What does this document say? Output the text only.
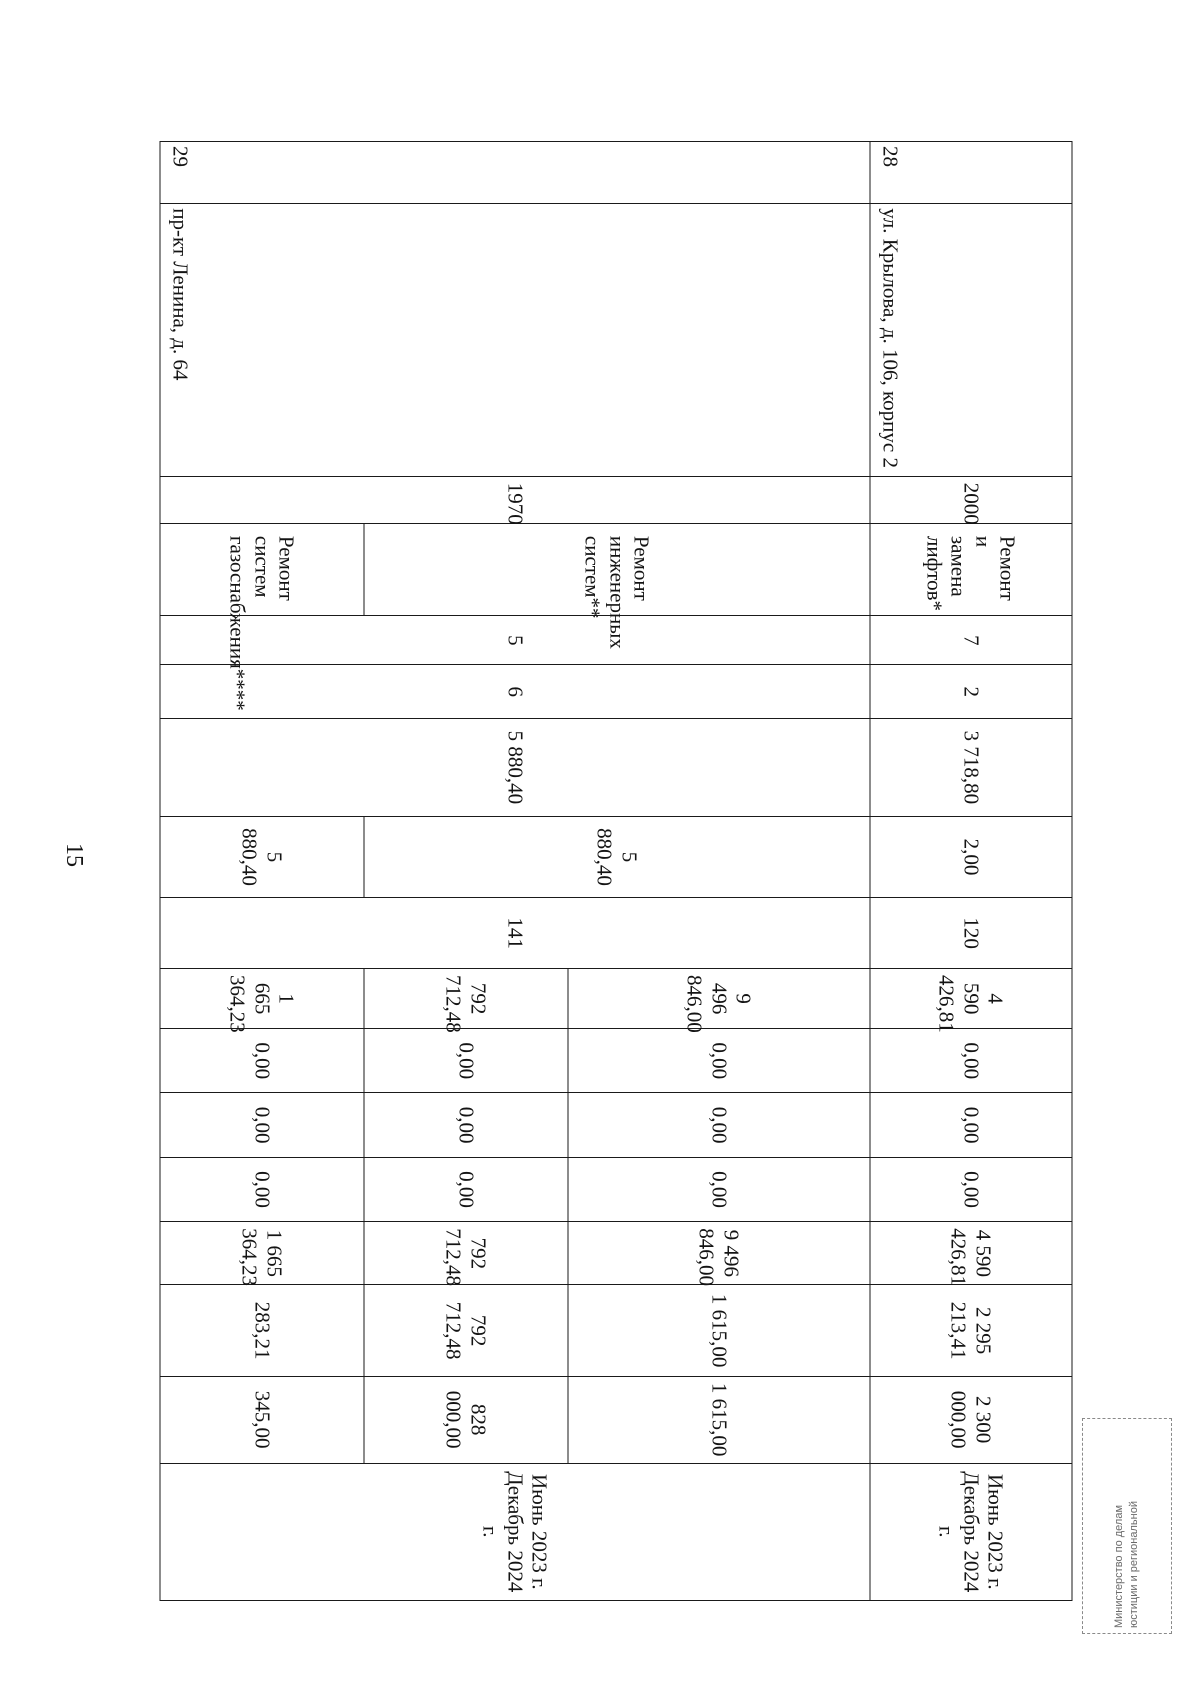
15
28	ул. Крылова, д. 106, корпус 2	2000	Ремонт и замена лифтов*	7	2	3 718,80	2,00	120	4 590 426,81	0,00	0,00	0,00	4 590 426,81	2 295 213,41	2 300 000,00	Июнь 2023 г. Декабрь 2024 г.
29	пр-кт Ленина, д. 64	1970	Ремонт инженерных систем**	5	6	5 880,40	5 880,40	141	9 496 846,00	0,00	0,00	0,00	9 496 846,00	1 615,00	1 615,00	Июнь 2023 г. Декабрь 2024 г.
									792 712,48	0,00	0,00	0,00	792 712,48	792 712,48	828 000,00	
			Ремонт систем газоснабжения****				5 880,40		1 665 364,23	0,00	0,00	0,00	1 665 364,23	283,21	345,00	
Министерство по делам юстиции и региональной
